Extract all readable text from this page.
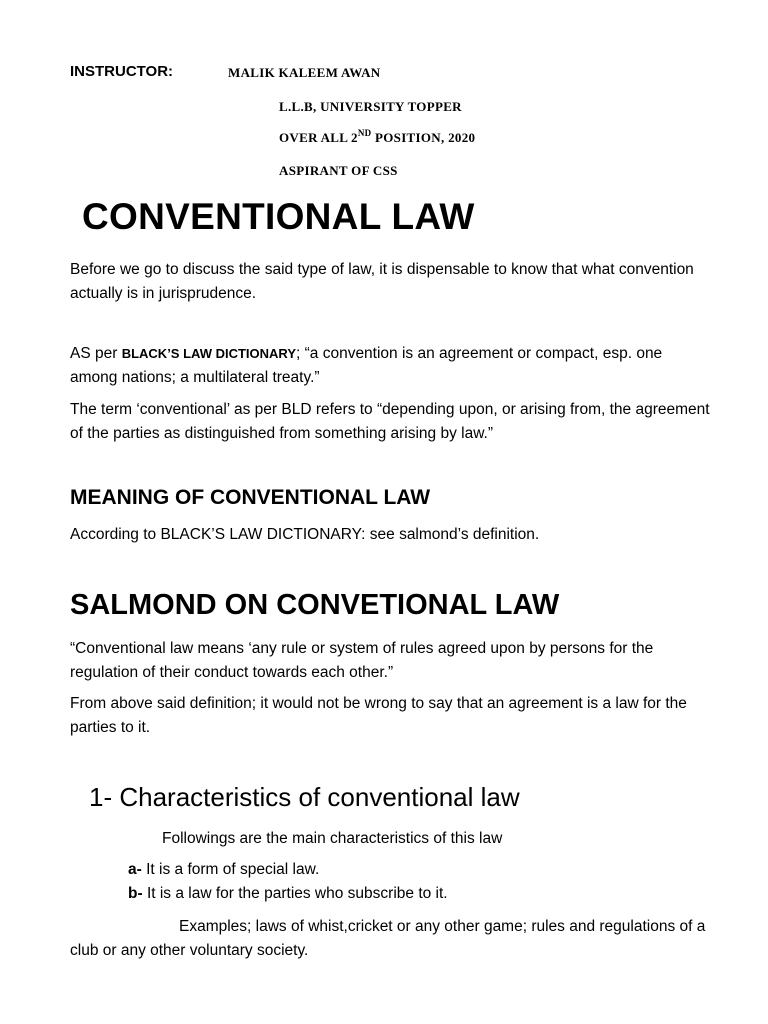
INSTRUCTOR:	MALIK KALEEM AWAN
L.L.B, UNIVERSITY TOPPER
OVER ALL 2ND POSITION, 2020
ASPIRANT OF CSS
CONVENTIONAL LAW

Before we go to discuss the said type of law, it is dispensable to know that what convention actually is in jurisprudence.

AS per BLACK’S LAW DICTIONARY; “a convention is an agreement or compact, esp. one among nations; a multilateral treaty.”

The term ‘conventional’ as per BLD refers to “depending upon, or arising from, the agreement of the parties as distinguished from something arising by law.”

MEANING OF CONVENTIONAL LAW

According to BLACK’S LAW DICTIONARY: see salmond’s definition.

SALMOND ON CONVETIONAL LAW

“Conventional law means ‘any rule or system of rules agreed upon by persons for the regulation of their conduct towards each other.”

From above said definition; it would not be wrong to say that an agreement is a law for the parties to it.

1- Characteristics of conventional law
Followings are the main characteristics of this law
a- It is a form of special law.
b- It is a law for the parties who subscribe to it.

Examples; laws of whist,cricket or any other game; rules and regulations of a club or any other voluntary society.
